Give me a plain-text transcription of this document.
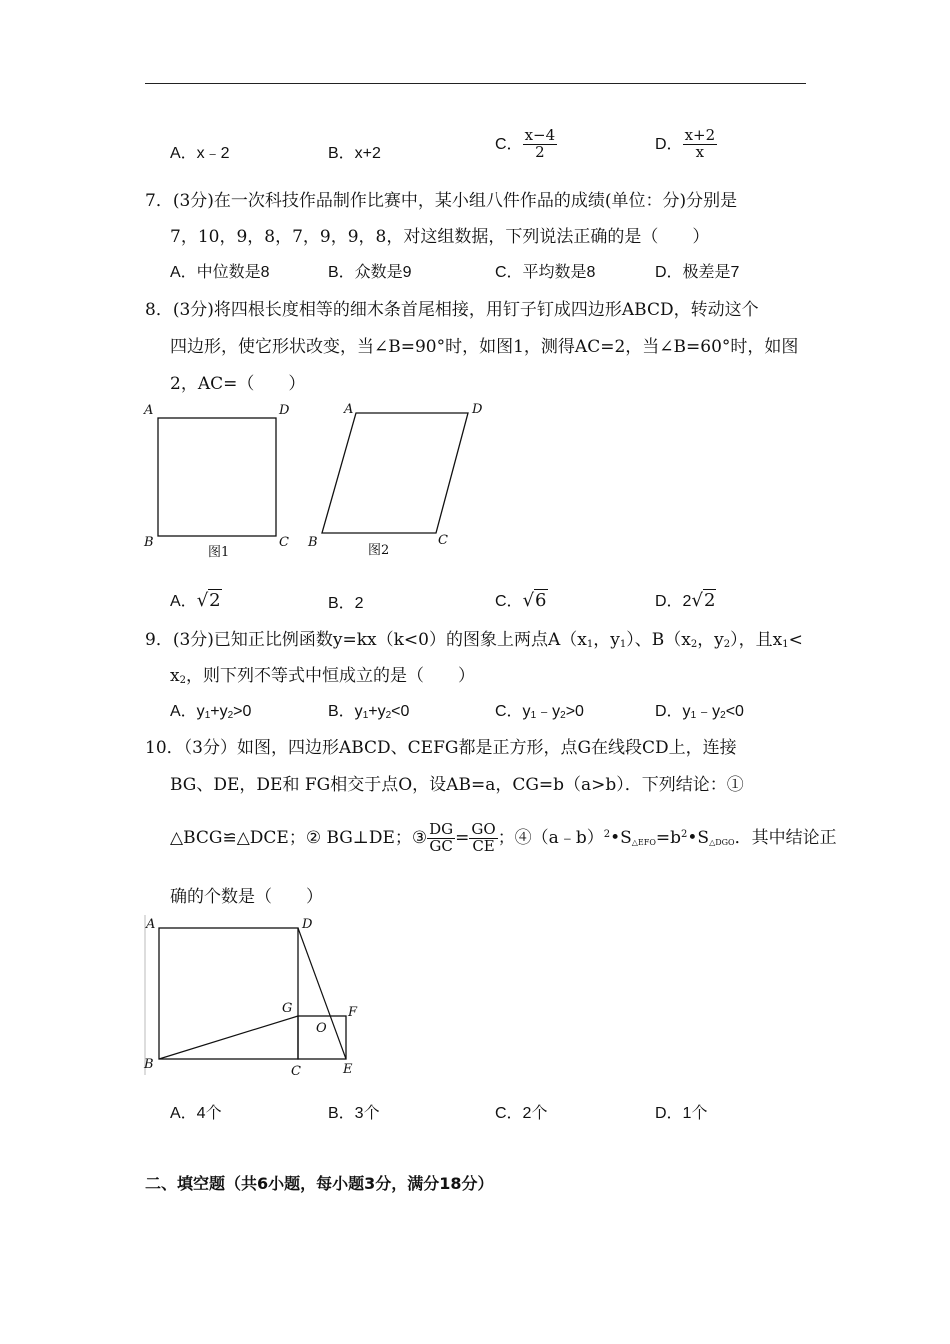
A．x﹣2	B．x+2
C． $\frac{x-4}{2}$	D． $\frac{x+2}{x}$
7．(3分)在一次科技作品制作比赛中，某小组八件作品的成绩(单位：分)分别是
7，10，9，8，7，9，9，8，对这组数据，下列说法正确的是（　　）
A．中位数是8	B．众数是9	C．平均数是8	D．极差是7
8．(3分)将四根长度相等的细木条首尾相接，用钉子钉成四边形ABCD，转动这个
四边形，使它形状改变，当∠B=90°时，如图1，测得AC=2，当∠B=60°时，如图
2，AC=（　　）
A	D
B	C
图1
A	D
B	C
图2
A．√2	B．2	C．√6	D．2√2
9．(3分)已知正比例函数y=kx（k<0）的图象上两点$A(x_1$，$y_1$）、$B(x_2$，$y_2$），且$x_1<$
$x_2$，则下列不等式中恒成立的是（　　）
A．$y_1+y_2>0$	B．$y_1+y_2<0$	C．$y_1﹣y_2>0$	D．$y_1﹣y_2<0$
10．（3分）如图，四边形ABCD、CEFG都是正方形，点G在线段CD上，连接
BG、DE，DE和 FG相交于点O，设AB=a，CG=b（a>b）．下列结论：①
△BCG≌△DCE；② BG⊥DE；③ $\frac{DG}{GC} = \frac{GO}{CE}$ ；$④(a﹣b)^2•S_{\triangle EFO}=b^2•S_{\triangle DGO}$．其中结论正
确的个数是（　　）
A	D
G	F
O
B	C	E
A．4个	B．3个	C．2个	D．1个
二、填空题（共6小题，每小题3分，满分18分）
